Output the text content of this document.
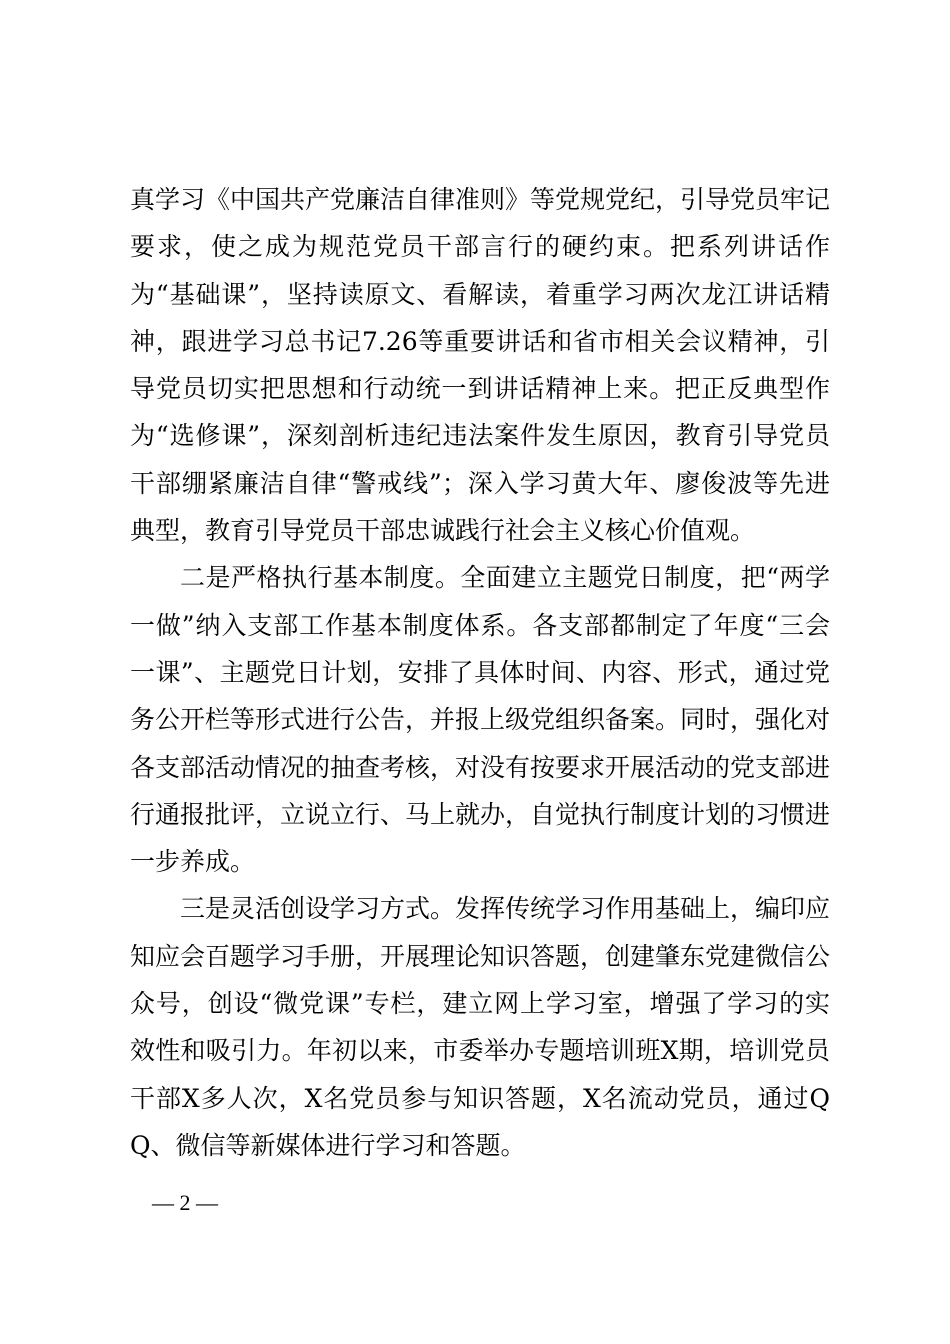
真学习《中国共产党廉洁自律准则》等党规党纪，引导党员牢记要求，使之成为规范党员干部言行的硬约束。把系列讲话作为“基础课”，坚持读原文、看解读，着重学习两次龙江讲话精神，跟进学习总书记7.26等重要讲话和省市相关会议精神，引导党员切实把思想和行动统一到讲话精神上来。把正反典型作为“选修课”，深刻剖析违纪违法案件发生原因，教育引导党员干部绷紧廉洁自律“警戒线”；深入学习黄大年、廖俊波等先进典型，教育引导党员干部忠诚践行社会主义核心价值观。

二是严格执行基本制度。全面建立主题党日制度，把“两学一做”纳入支部工作基本制度体系。各支部都制定了年度“三会一课”、主题党日计划，安排了具体时间、内容、形式，通过党务公开栏等形式进行公告，并报上级党组织备案。同时，强化对各支部活动情况的抽查考核，对没有按要求开展活动的党支部进行通报批评，立说立行、马上就办，自觉执行制度计划的习惯进一步养成。

三是灵活创设学习方式。发挥传统学习作用基础上，编印应知应会百题学习手册，开展理论知识答题，创建肇东党建微信公众号，创设“微党课”专栏，建立网上学习室，增强了学习的实效性和吸引力。年初以来，市委举办专题培训班X期，培训党员干部X多人次，X名党员参与知识答题，X名流动党员，通过QQ、微信等新媒体进行学习和答题。

— 2 —
